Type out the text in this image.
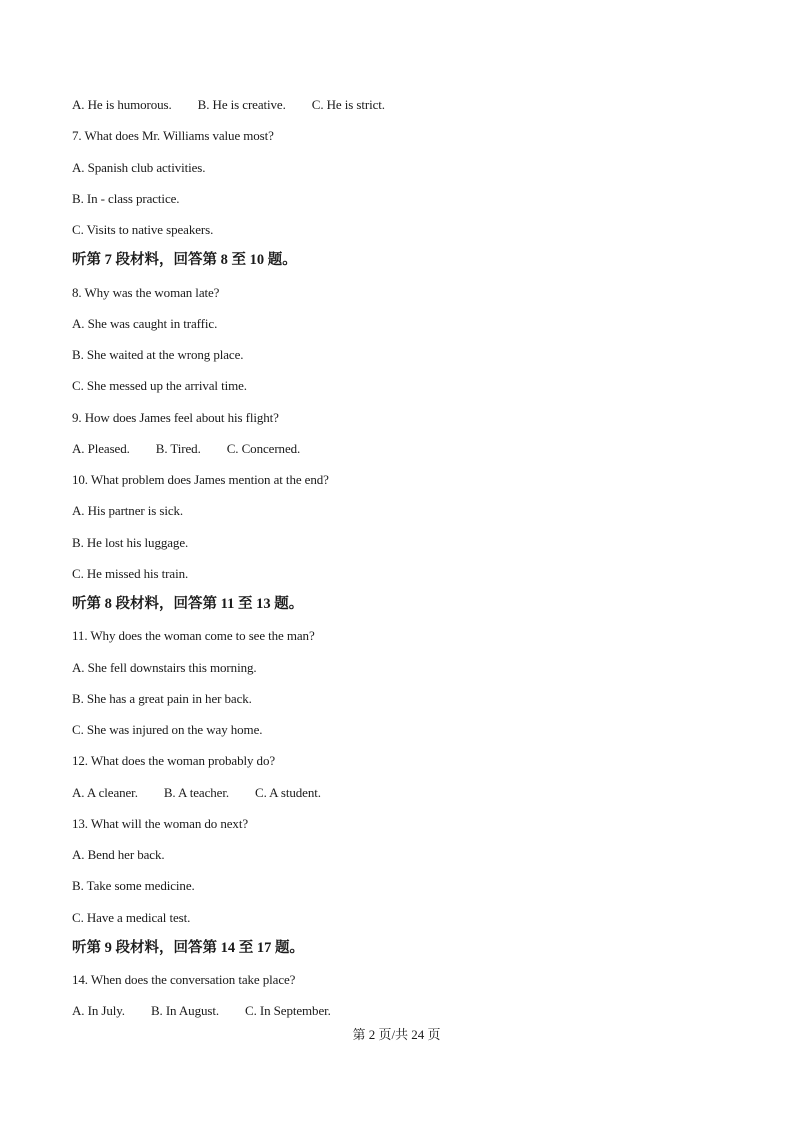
A. He is humorous. B. He is creative. C. He is strict.
7. What does Mr. Williams value most?
A. Spanish club activities.
B. In - class practice.
C. Visits to native speakers.
听第 7 段材料，回答第 8 至 10 题。
8. Why was the woman late?
A. She was caught in traffic.
B. She waited at the wrong place.
C. She messed up the arrival time.
9. How does James feel about his flight?
A. Pleased. B. Tired. C. Concerned.
10. What problem does James mention at the end?
A. His partner is sick.
B. He lost his luggage.
C. He missed his train.
听第 8 段材料，回答第 11 至 13 题。
11. Why does the woman come to see the man?
A. She fell downstairs this morning.
B. She has a great pain in her back.
C. She was injured on the way home.
12. What does the woman probably do?
A. A cleaner. B. A teacher. C. A student.
13. What will the woman do next?
A. Bend her back.
B. Take some medicine.
C. Have a medical test.
听第 9 段材料，回答第 14 至 17 题。
14. When does the conversation take place?
A. In July. B. In August. C. In September.
第 2 页/共 24 页
